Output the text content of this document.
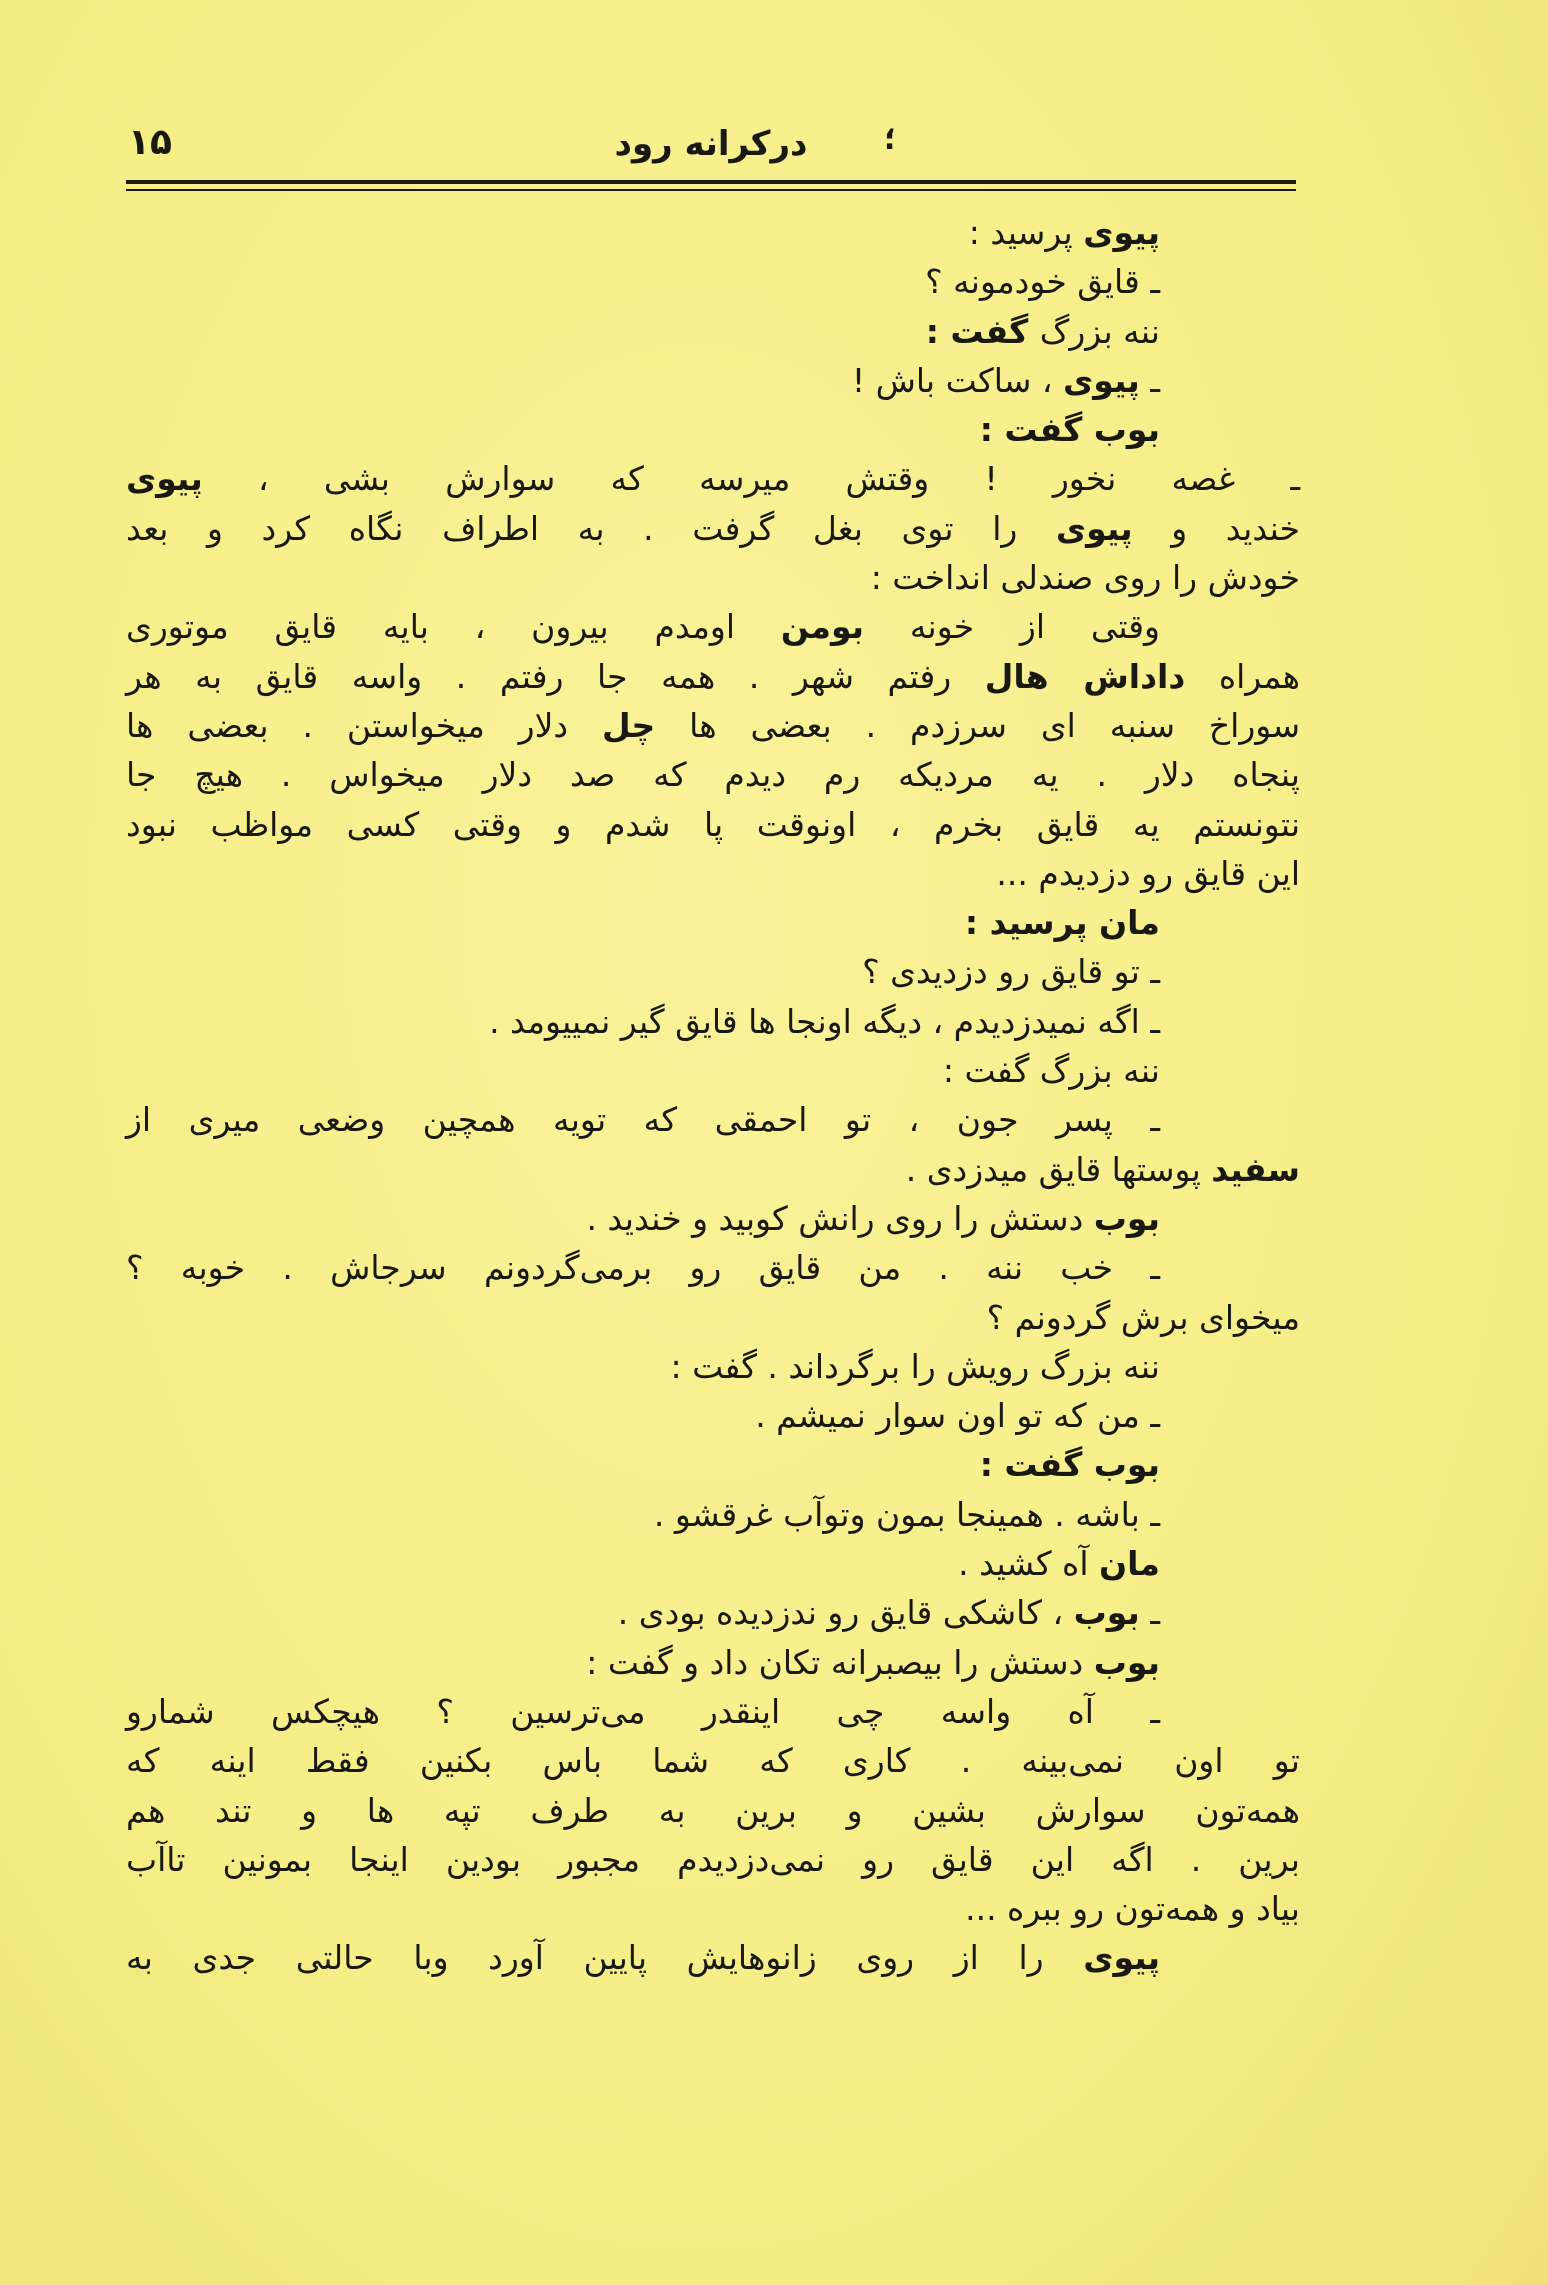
۱۵	درکرانه رود	؛
پیوی پرسید :
ـ قایق خودمونه ؟
ننه بزرگ گفت :
ـ پیوی ، ساکت باش !
بوب گفت :
ـ غصه نخور ! وقتش میرسه که سوارش بشی ، پیوی
خندید و پیوی را توی بغل گرفت . به اطراف نگاه کرد و بعد
خودش را روی صندلی انداخت :
وقتی از خونه بومن اومدم بیرون ، بایه قایق موتوری
همراه داداش هال رفتم شهر . همه جا رفتم . واسه قایق به هر
سوراخ سنبه ای سرزدم . بعضی ها چل دلار میخواستن . بعضی ها
پنجاه دلار . یه مردیکه رم دیدم که صد دلار میخواس . هیچ جا
نتونستم یه قایق بخرم ، اونوقت پا شدم و وقتی کسی مواظب نبود
این قایق رو دزدیدم ...
مان پرسید :
ـ تو قایق رو دزدیدی ؟
ـ اگه نمیدزدیدم ، دیگه اونجا ها قایق گیر نمییومد .
ننه بزرگ گفت :
ـ پسر جون ، تو احمقی که تویه همچین وضعی میری از
سفید پوستها قایق میدزدی .
بوب دستش را روی رانش کوبید و خندید .
ـ خب ننه . من قایق رو برمی‌گردونم سرجاش . خوبه ؟
میخوای برش گردونم ؟
ننه بزرگ رویش را برگرداند . گفت :
ـ من که تو اون سوار نمیشم .
بوب گفت :
ـ باشه . همینجا بمون وتوآب غرقشو .
مان آه کشید .
ـ بوب ، کاشکی قایق رو ندزدیده بودی .
بوب دستش را بیصبرانه تکان داد و گفت :
ـ آه واسه چی اینقدر می‌ترسین ؟ هیچکس شمارو
تو اون نمی‌بینه . کاری که شما باس بکنین فقط اینه که
همه‌تون سوارش بشین و برین به طرف تپه ها و تند هم
برین . اگه این قایق رو نمی‌دزدیدم مجبور بودین اینجا بمونین تاآب
بیاد و همه‌تون رو ببره ...
پیوی را از روی زانوهایش پایین آورد وبا حالتی جدی به
